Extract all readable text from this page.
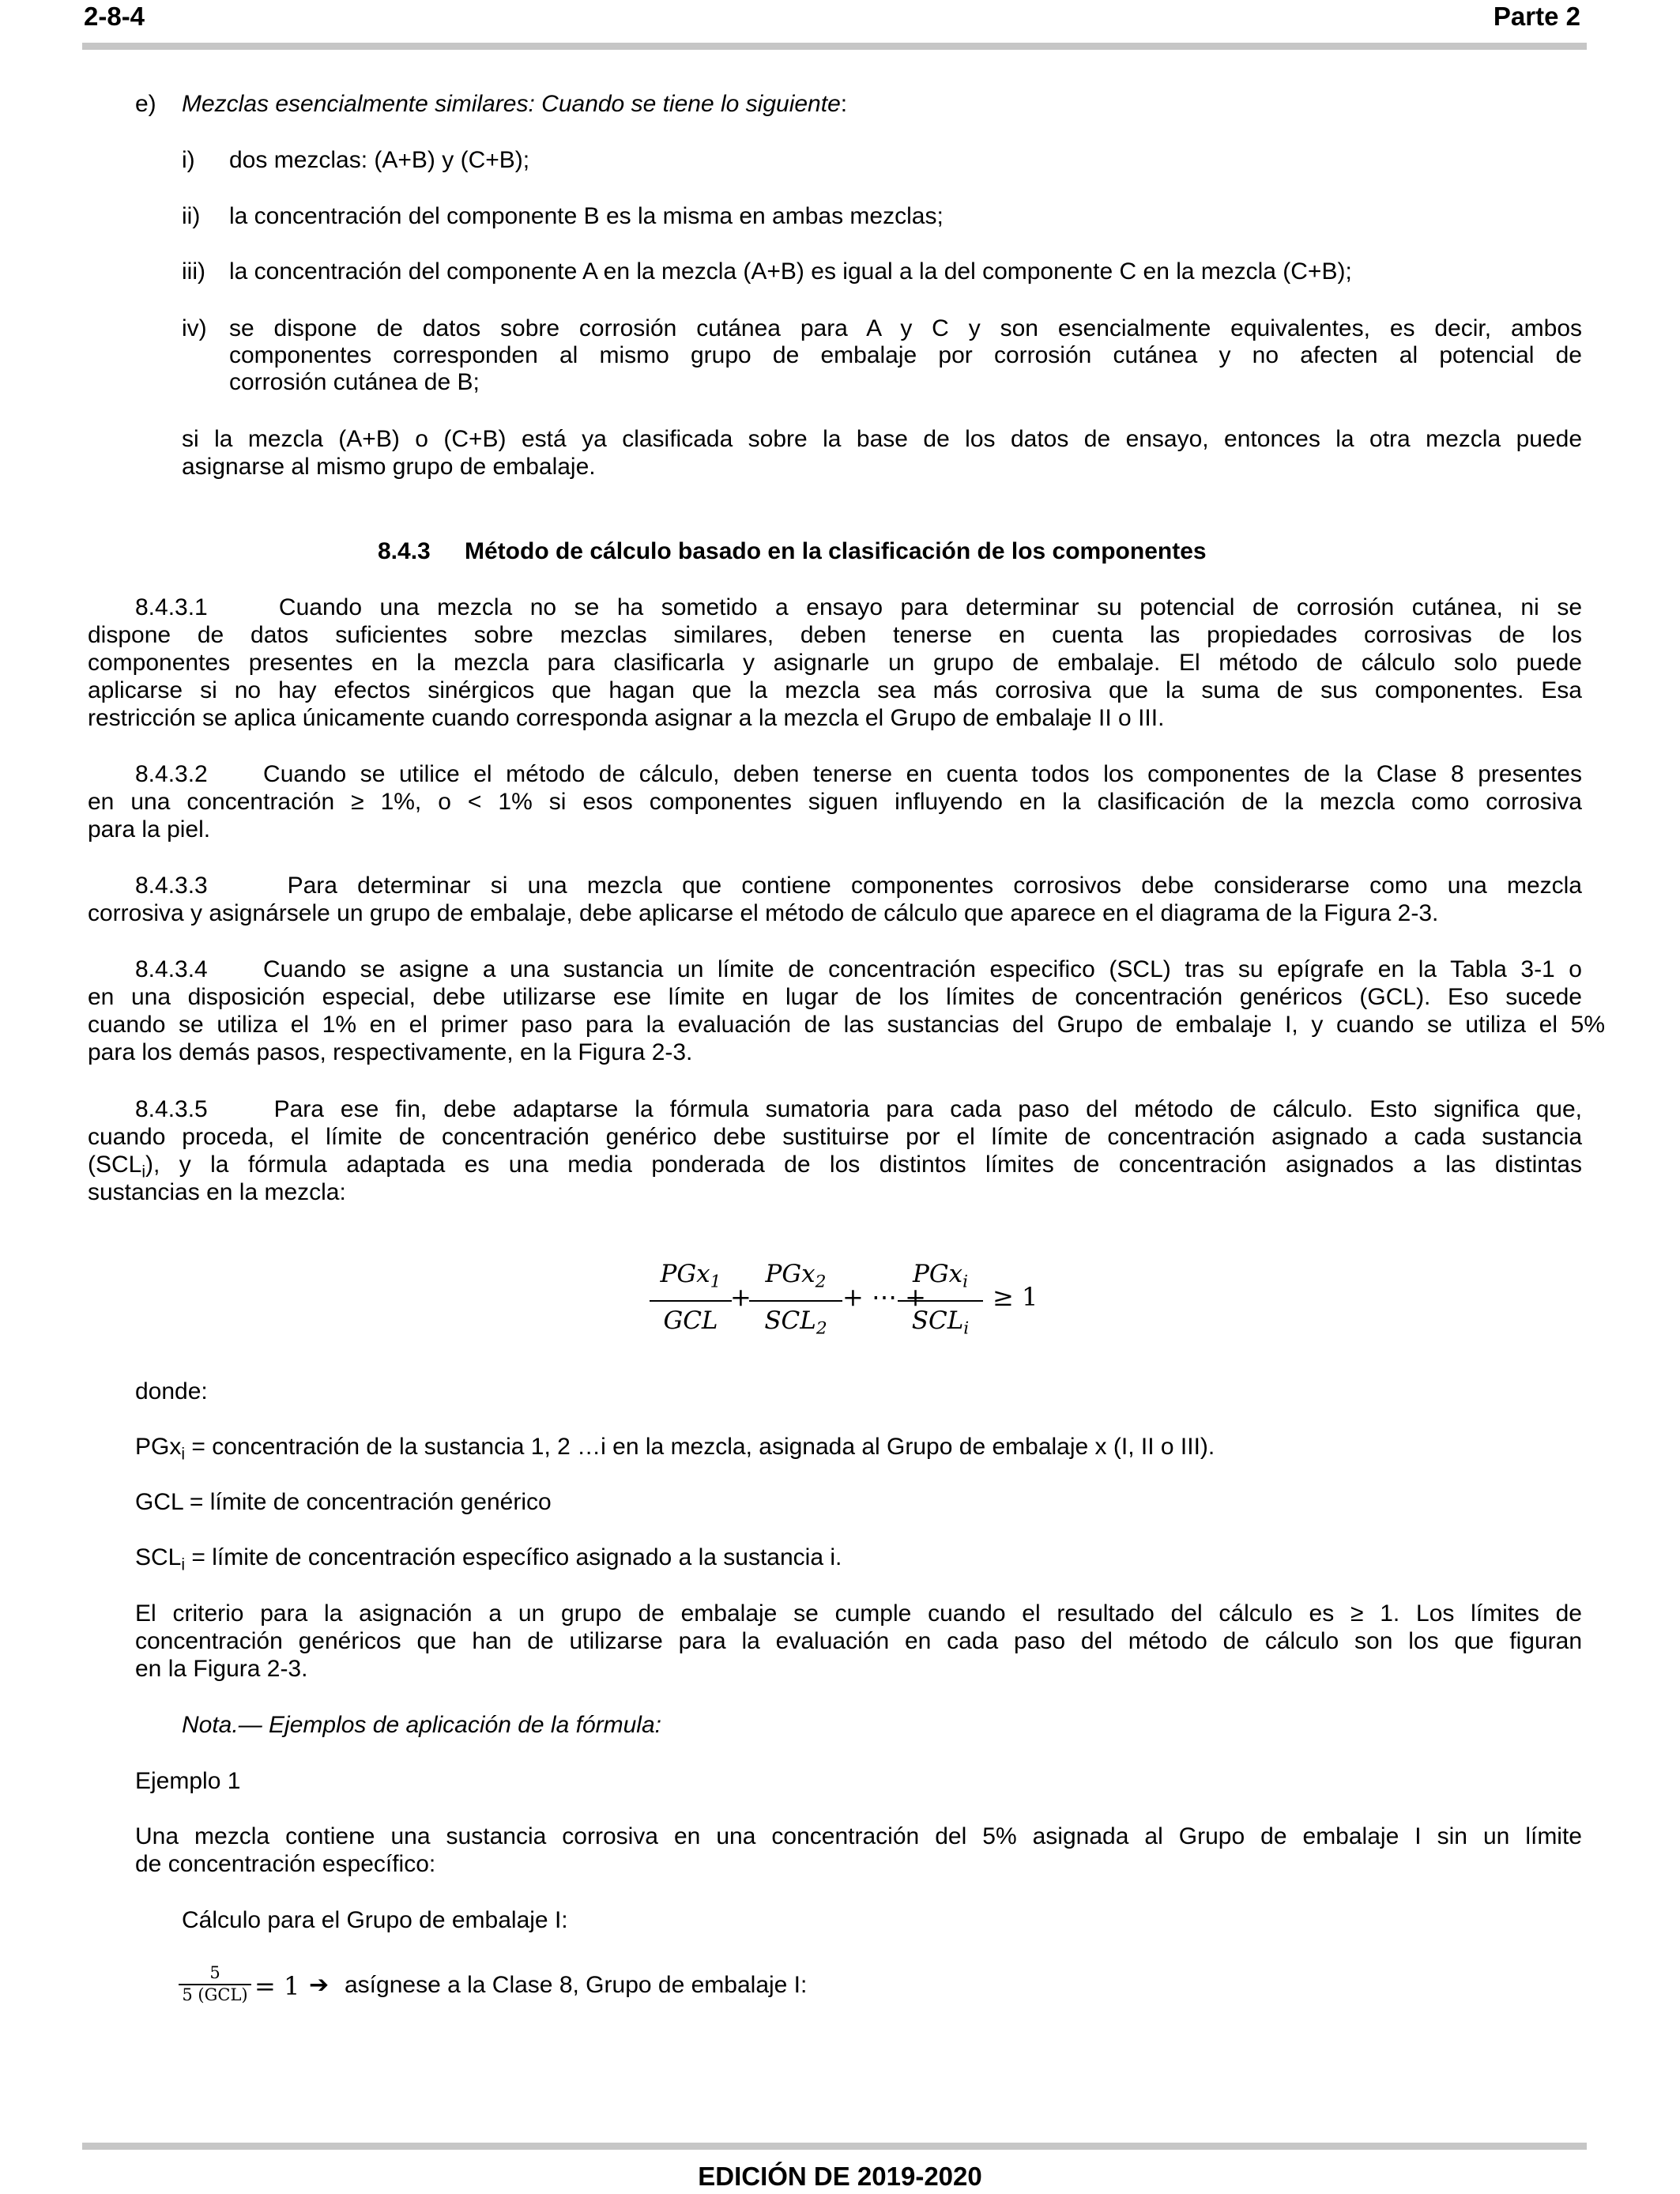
2-8-4	Parte 2
e) Mezclas esencialmente similares: Cuando se tiene lo siguiente:
i) dos mezclas: (A+B) y (C+B);
ii) la concentración del componente B es la misma en ambas mezclas;
iii) la concentración del componente A en la mezcla (A+B) es igual a la del componente C en la mezcla (C+B);
iv) se dispone de datos sobre corrosión cutánea para A y C y son esencialmente equivalentes, es decir, ambos
componentes corresponden al mismo grupo de embalaje por corrosión cutánea y no afecten al potencial de
corrosión cutánea de B;
si la mezcla (A+B) o (C+B) está ya clasificada sobre la base de los datos de ensayo, entonces la otra mezcla puede
asignarse al mismo grupo de embalaje.
8.4.3 Método de cálculo basado en la clasificación de los componentes
8.4.3.1    Cuando una mezcla no se ha sometido a ensayo para determinar su potencial de corrosión cutánea, ni se
dispone de datos suficientes sobre mezclas similares, deben tenerse en cuenta las propiedades corrosivas de los
componentes presentes en la mezcla para clasificarla y asignarle un grupo de embalaje. El método de cálculo solo puede
aplicarse si no hay efectos sinérgicos que hagan que la mezcla sea más corrosiva que la suma de sus componentes. Esa
restricción se aplica únicamente cuando corresponda asignar a la mezcla el Grupo de embalaje II o III.
8.4.3.2    Cuando se utilice el método de cálculo, deben tenerse en cuenta todos los componentes de la Clase 8 presentes
en una concentración ≥ 1%, o < 1% si esos componentes siguen influyendo en la clasificación de la mezcla como corrosiva
para la piel.
8.4.3.3    Para determinar si una mezcla que contiene componentes corrosivos debe considerarse como una mezcla
corrosiva y asignársele un grupo de embalaje, debe aplicarse el método de cálculo que aparece en el diagrama de la Figura 2-3.
8.4.3.4    Cuando se asigne a una sustancia un límite de concentración especifico (SCL) tras su epígrafe en la Tabla 3-1 o
en una disposición especial, debe utilizarse ese límite en lugar de los límites de concentración genéricos (GCL). Eso sucede
cuando se utiliza el 1% en el primer paso para la evaluación de las sustancias del Grupo de embalaje I, y cuando se utiliza el 5%
para los demás pasos, respectivamente, en la Figura 2-3.
8.4.3.5    Para ese fin, debe adaptarse la fórmula sumatoria para cada paso del método de cálculo. Esto significa que,
cuando proceda, el límite de concentración genérico debe sustituirse por el límite de concentración asignado a cada sustancia
$(SCL_i)$, y la fórmula adaptada es una media ponderada de los distintos límites de concentración asignados a las distintas
sustancias en la mezcla:
PGx$_1$
GCL
+
PGx$_2$
$SCL_2$
+ ⋯ +
PGx$_i$
$SCL_i$
≥ 1
donde:
PGx$_i$ = concentración de la sustancia 1, 2 …i en la mezcla, asignada al Grupo de embalaje x (I, II o III).
GCL = límite de concentración genérico
$SCL_i$ = límite de concentración específico asignado a la sustancia i.
El criterio para la asignación a un grupo de embalaje se cumple cuando el resultado del cálculo es ≥ 1. Los límites de
concentración genéricos que han de utilizarse para la evaluación en cada paso del método de cálculo son los que figuran
en la Figura 2-3.
Nota.— Ejemplos de aplicación de la fórmula:
Ejemplo 1
Una mezcla contiene una sustancia corrosiva en una concentración del 5% asignada al Grupo de embalaje I sin un límite
de concentración específico:
Cálculo para el Grupo de embalaje I:
5
5 (GCL) = 1 ➔ asígnese a la Clase 8, Grupo de embalaje I:
EDICIÓN DE 2019-2020
